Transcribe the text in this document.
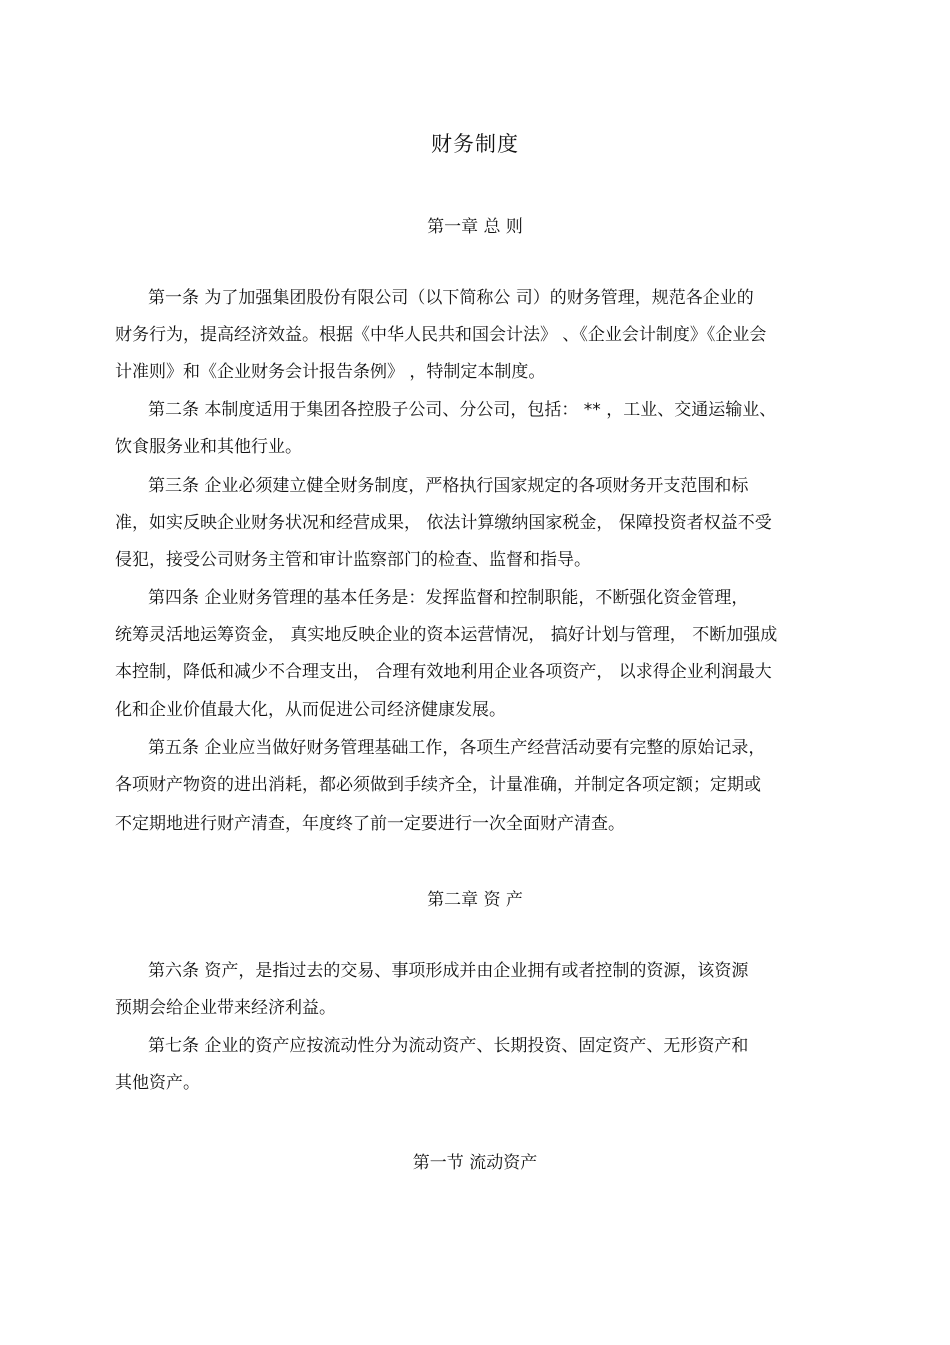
财务制度
第一章 总 则
第一条 为了加强集团股份有限公司（以下简称公 司）的财务管理，规范各企业的
财务行为，提高经济效益。根据《中华人民共和国会计法》 、《企业会计制度》《企业会
计准则》和《企业财务会计报告条例》 ，特制定本制度。
第二条 本制度适用于集团各控股子公司、分公司，包括： ** ，工业、交通运输业、
饮食服务业和其他行业。
第三条 企业必须建立健全财务制度，严格执行国家规定的各项财务开支范围和标
准，如实反映企业财务状况和经营成果， 依法计算缴纳国家税金， 保障投资者权益不受
侵犯，接受公司财务主管和审计监察部门的检查、监督和指导。
第四条 企业财务管理的基本任务是：发挥监督和控制职能，不断强化资金管理，
统筹灵活地运筹资金， 真实地反映企业的资本运营情况， 搞好计划与管理， 不断加强成
本控制，降低和减少不合理支出， 合理有效地利用企业各项资产， 以求得企业利润最大
化和企业价值最大化，从而促进公司经济健康发展。
第五条 企业应当做好财务管理基础工作，各项生产经营活动要有完整的原始记录，
各项财产物资的进出消耗，都必须做到手续齐全，计量准确，并制定各项定额；定期或
不定期地进行财产清查，年度终了前一定要进行一次全面财产清查。
第二章 资 产
第六条 资产，是指过去的交易、事项形成并由企业拥有或者控制的资源，该资源
预期会给企业带来经济利益。
第七条 企业的资产应按流动性分为流动资产、长期投资、固定资产、无形资产和
其他资产。
第一节 流动资产
